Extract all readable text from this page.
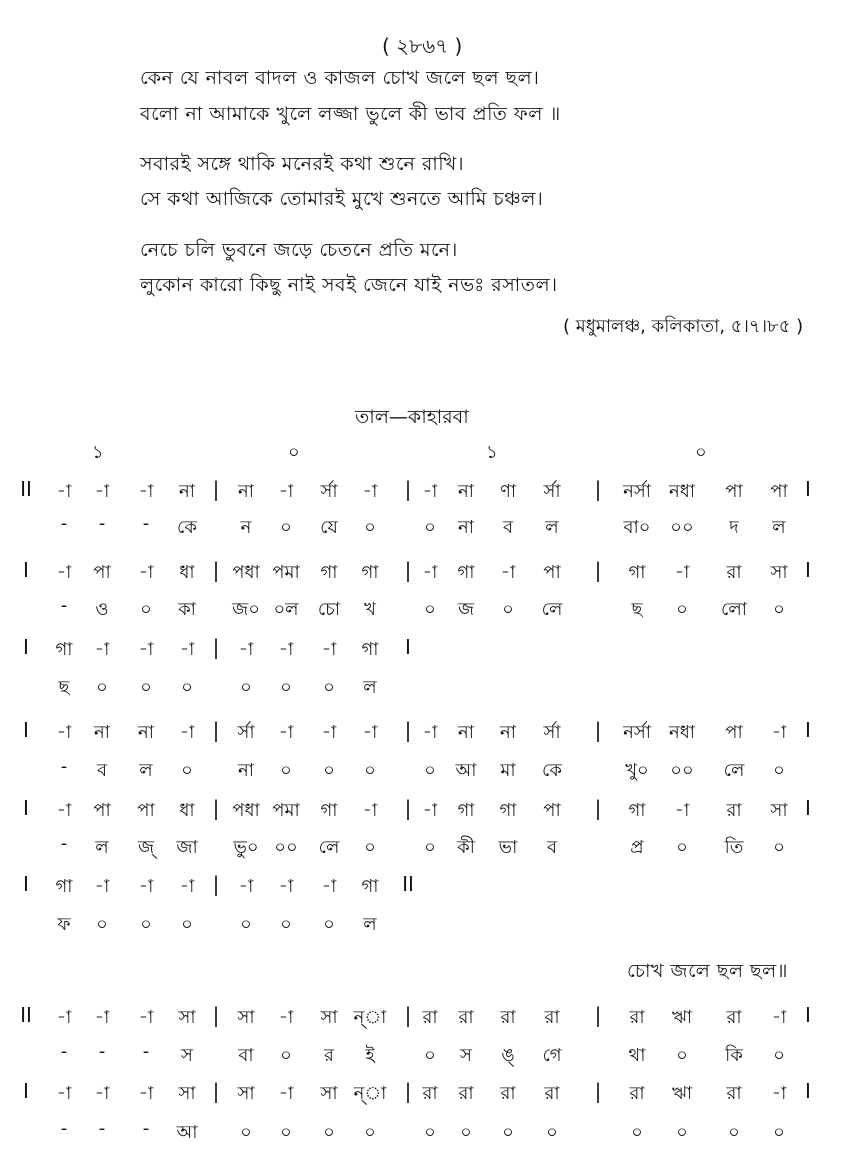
( ২৮৬৭ )
কেন যে নাবল বাদল ও কাজল চোখ জলে ছল ছল।
বলো না আমাকে খুলে লজ্জা ভুলে কী ভাব প্রতি ফল ॥
সবারই সঙ্গে থাকি মনেরই কথা শুনে রাখি।
সে কথা আজিকে তোমারই মুখে শুনতে আমি চঞ্চল।
নেচে চলি ভুবনে জড়ে চেতনে প্রতি মনে।
লুকোন কারো কিছু নাই সবই জেনে যাই নভঃ রসাতল।
( মধুমালঞ্চ, কলিকাতা, ৫।৭।৮৫ )
তাল—কাহারবা
১	০	১	০
চোখ জলে ছল ছল॥
II -া -া -া না | না -া র্সা -া | -া না ণা র্সা | নর্সা নধা পা পা I
- - - কে ন ০ যে ০	০ না ব ল	বা০ ০০ দ ল
I -া পা -া ধা | পধা পমা গা গা | -া গা -া পা | গা -া রা সা I
- ও ০ কা জ০ ০ল চো খ	০ জ ০ লে	ছ ০ লো ০
I গা -া -া -া | -া -া -া গা I
ছ ০ ০ ০	০ ০ ০ ল
I -া না না -া | র্সা -া -া -া | -া না না র্সা | নর্সা নধা পা -া I
- ব ল ০	না ০ ০ ০	০ আ মা কে	খু০ ০০ লে ০
I -া পা পা ধা | পধা পমা গা -া | -া গা গা পা | গা -া রা সা I
- ল জ্ জা ভু০ ০০ লে ০	০ কী ভা ব	প্র ০ তি ০
I গা -া -া -া | -া -া -া গা II
ফ ০ ০ ০	০ ০ ০ ল
II -া -া -া সা | সা -া সা ন্া | রা রা রা রা | রা ঋা রা -া I
- - - স	বা ০ র ই	০ স ঙ্ গে	থা ০ কি ০
I -া -া -া সা | সা -া সা ন্া | রা রা রা রা | রা ঋা রা -া I
- - - আ ০ ০ ০ ০	০ ০ ০ ০	০ ০ ০ ০
